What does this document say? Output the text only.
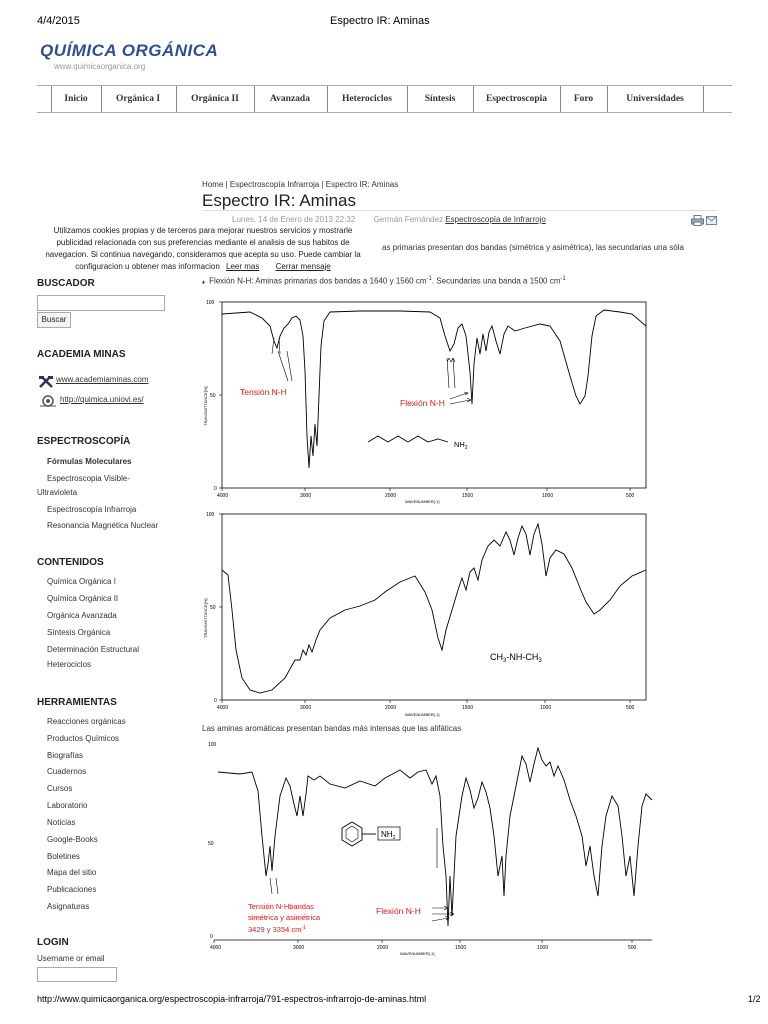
4/4/2015	Espectro IR: Aminas
QUÍMICA ORGÁNICA
www.quimicaorganica.org
Inicio	Orgánica I	Orgánica II	Avanzada	Heterociclos	Síntesis	Espectroscopia	Foro	Universidades
Home | Espectroscopía Infrarroja | Espectro IR: Aminas
Espectro IR: Aminas
Lunes, 14 de Enero de 2013 22:32 Germán Fernández Espectroscopía de Infrarrojo
Utilizamos cookies propias y de terceros para mejorar nuestros servicios y mostrarle publicidad relacionada con sus preferencias mediante el analisis de sus habitos de navegacion. Si continua navegando, consideramos que acepta su uso. Puede cambiar la configuracion u obtener mas informacion Leer mas Cerrar mensaje
as primarias presentan dos bandas (simétrica y asimétrica), las secundarias una sóla
♦ Flexión N-H: Aminas primarias dos bandas a 1640 y 1560 $cm^{-1}$. Secundarias una banda a 1500 $cm^{-1}$
BUSCADOR
Buscar
ACADEMIA MINAS
www.academiaminas.com
http://quimica.uniovi.es/
ESPECTROSCOPÍA
Fórmulas Moleculares
Espectroscopia Visible-
Ultravioleta
Espectroscopía Infrarroja
Resonancia Magnética Nuclear
CONTENIDOS
Química Orgánica I
Química Orgánica II
Orgánica Avanzada
Síntesis Orgánica
Determinación Estructural
Heterociclos
HERRAMIENTAS
Reacciones orgánicas
Productos Químicos
Biografías
Cuadernos
Cursos
Laboratorio
Noticias
Google-Books
Boletines
Mapa del sitio
Publicaciones
Asignaturas
LOGIN
Username or email
100
50
0
4000	3000	2000	1500	1000	500
WAVENUMBER[-1]
TRANSMITTANCE[%]	Tensión N-H
Flexión N-H
$NH_2$
100
50
0
4000	3000	2000	1500	1000	500
WAVENUMBER[-1]
TRANSMITTANCE[%]
$CH_3-NH-CH_3$
Las aminas aromáticas presentan bandas más intensas que las alifáticas
100
50
0
4000	3000	2000	1500	1000	500
WAVENUMBER[-1]
Tensión N-Hbandas
simétrica y asimétrica
3429 y 3354 $cm^{-1}$
Flexión N-H
$NH_2$
http://www.quimicaorganica.org/espectroscopia-infrarroja/791-espectros-infrarrojo-de-aminas.html	1/2
